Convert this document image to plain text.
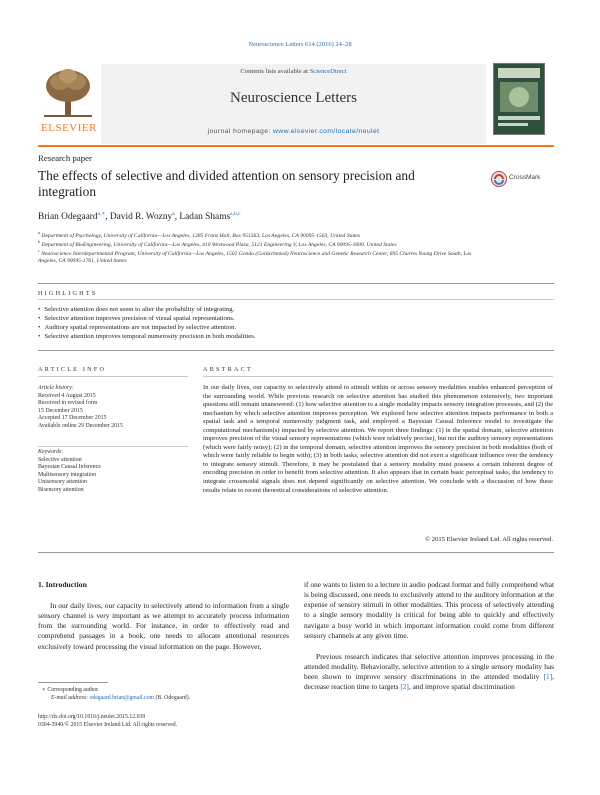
Neuroscience Letters 614 (2016) 24–28
ELSEVIER
Contents lists available at ScienceDirect
Neuroscience Letters
journal homepage: www.elsevier.com/locate/neulet
Research paper
The effects of selective and divided attention on sensory precision and integration
CrossMark
Brian Odegaard$^{a,∗}$, David R. Wozny$^a$, Ladan Shams$^{a,b,c}$
$^a$ Department of Psychology, University of California—Los Angeles, 1285 Franz Hall, Box 951563, Los Angeles, CA 90095-1563, United States
$^b$ Department of BioEngineering, University of California—Los Angeles, 410 Westwood Plaza, 5121 Engineering V, Los Angeles, CA 90095-1600, United States
$^c$ Neuroscience Interdepartmental Program, University of California—Los Angeles, 1502 Gonda (Goldschmied) Neuroscience and Genetic Research Center, 695 Charles Young Drive South, Los Angeles, CA 90095-1761, United States
HIGHLIGHTS
• Selective attention does not seem to alter the probability of integrating.
• Selective attention improves precision of visual spatial representations.
• Auditory spatial representations are not impacted by selective attention.
• Selective attention improves temporal numerosity precision in both modalities.
ARTICLE INFO
Article history:
Received 4 August 2015
Received in revised form
15 December 2015
Accepted 17 December 2015
Available online 29 December 2015
Keywords:
Selective attention
Bayesian Causal Inference
Multisensory integration
Unisensory attention
Bisensory attention
ABSTRACT
In our daily lives, our capacity to selectively attend to stimuli within or across sensory modalities enables enhanced perception of the surrounding world. While previous research on selective attention has studied this phenomenon extensively, two important questions still remain unanswered: (1) how selective attention to a single modality impacts sensory integration processes, and (2) the mechanism by which selective attention improves perception. We explored how selective attention impacts performance in both a spatial task and a temporal numerosity judgment task, and employed a Bayesian Causal Inference model to investigate the computational mechanism(s) impacted by selective attention. We report three findings: (1) in the spatial domain, selective attention improves precision of the visual sensory representations (which were relatively precise), but not the auditory sensory representations (which were fairly noisy); (2) in the temporal domain, selective attention improves the sensory precision in both modalities (both of which were fairly reliable to begin with); (3) in both tasks, selective attention did not exert a significant influence over the tendency to integrate sensory stimuli. Therefore, it may be postulated that a sensory modality must possess a certain inherent degree of encoding precision in order to benefit from selective attention. It also appears that in certain basic perceptual tasks, the tendency to integrate crossmodal signals does not depend significantly on selective attention. We conclude with a discussion of how these results relate to recent theoretical considerations of selective attention.
© 2015 Elsevier Ireland Ltd. All rights reserved.
1. Introduction
In our daily lives, our capacity to selectively attend to information from a single sensory channel is very important as we attempt to accurately process information from the surrounding world. For instance, in order to effectively read and comprehend passages in a book, one needs to allocate attentional resources exclusively toward processing the visual information on the page. However,
if one wants to listen to a lecture in audio podcast format and fully comprehend what is being discussed, one needs to exclusively attend to the auditory information at the expense of sensory stimuli in other modalities. This process of selectively attending to a single sensory modality is critical for being able to quickly and effectively navigate a busy world in which important information could come from different sensory channels at any given time.
Previous research indicates that selective attention improves processing in the attended modality. Behaviorally, selective attention to a single sensory modality has been shown to improve sensory discriminations in the attended modality [1], decrease reaction time to targets [2], and improve spatial discrimination
∗ Corresponding author.
E-mail address: odegaard.brian@gmail.com (B. Odegaard).
http://dx.doi.org/10.1016/j.neulet.2015.12.039
0304-3940/© 2015 Elsevier Ireland Ltd. All rights reserved.
